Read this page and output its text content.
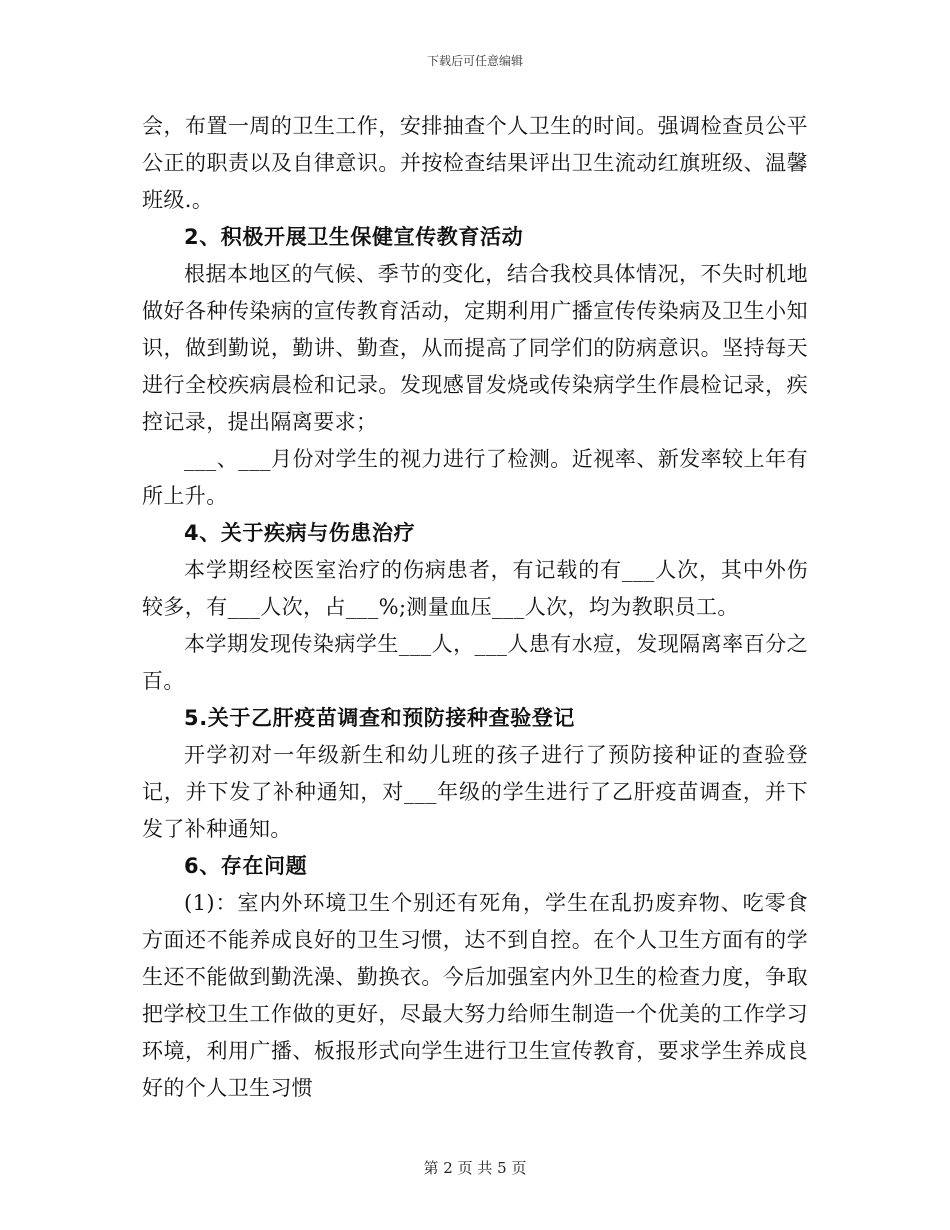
下载后可任意编辑

会，布置一周的卫生工作，安排抽查个人卫生的时间。强调检查员公平公正的职责以及自律意识。并按检查结果评出卫生流动红旗班级、温馨班级.。

2、积极开展卫生保健宣传教育活动

根据本地区的气候、季节的变化，结合我校具体情况，不失时机地做好各种传染病的宣传教育活动，定期利用广播宣传传染病及卫生小知识，做到勤说，勤讲、勤查，从而提高了同学们的防病意识。坚持每天进行全校疾病晨检和记录。发现感冒发烧或传染病学生作晨检记录，疾控记录，提出隔离要求；

___、___月份对学生的视力进行了检测。近视率、新发率较上年有所上升。

4、关于疾病与伤患治疗

本学期经校医室治疗的伤病患者，有记载的有___人次，其中外伤较多，有___人次，占___%;测量血压___人次，均为教职员工。

本学期发现传染病学生___人，___人患有水痘，发现隔离率百分之百。

5.关于乙肝疫苗调查和预防接种查验登记

开学初对一年级新生和幼儿班的孩子进行了预防接种证的查验登记，并下发了补种通知，对___年级的学生进行了乙肝疫苗调查，并下发了补种通知。

6、存在问题

(1)：室内外环境卫生个别还有死角，学生在乱扔废弃物、吃零食方面还不能养成良好的卫生习惯，达不到自控。在个人卫生方面有的学生还不能做到勤洗澡、勤换衣。今后加强室内外卫生的检查力度，争取把学校卫生工作做的更好，尽最大努力给师生制造一个优美的工作学习环境，利用广播、板报形式向学生进行卫生宣传教育，要求学生养成良好的个人卫生习惯

第 2 页 共 5 页
